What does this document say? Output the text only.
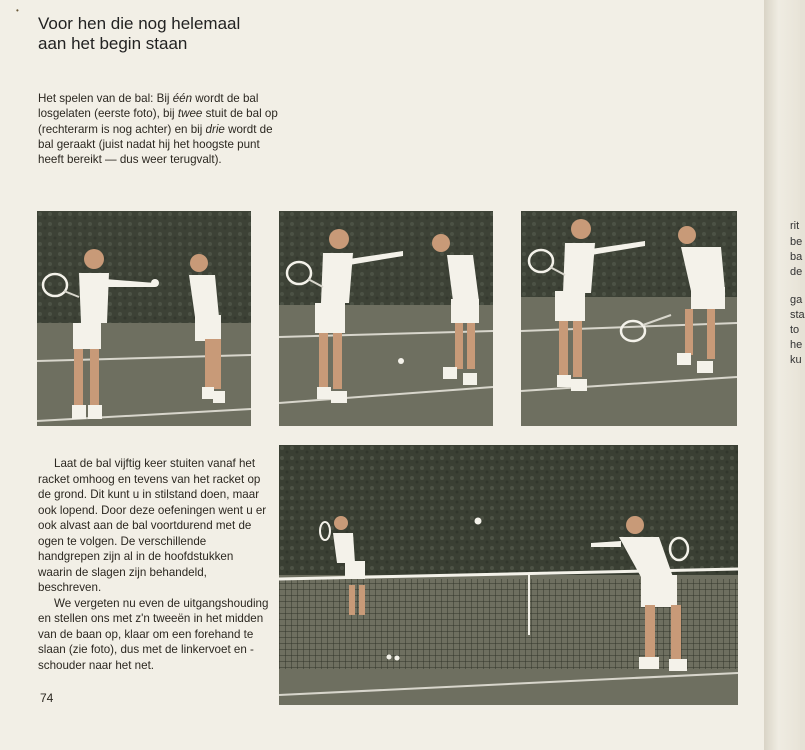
•
Voor hen die nog helemaal
aan het begin staan

Het spelen van de bal: Bij één wordt de bal losgelaten (eerste foto), bij twee stuit de bal op (rechterarm is nog achter) en bij drie wordt de bal geraakt (juist nadat hij het hoogste punt heeft bereikt — dus weer terugvalt).

Laat de bal vijftig keer stuiten vanaf het racket omhoog en tevens van het racket op de grond. Dit kunt u in stilstand doen, maar ook lopend. Door deze oefeningen went u er ook alvast aan de bal voortdurend met de ogen te volgen. De verschillende handgrepen zijn al in de hoofdstukken waarin de slagen zijn behandeld, beschreven.

We vergeten nu even de uitgangshouding en stellen ons met z'n tweeën in het midden van de baan op, klaar om een forehand te slaan (zie foto), dus met de linkervoet en -schouder naar het net.

74
rit
be
ba
de
ga
sta
to
he
ku
